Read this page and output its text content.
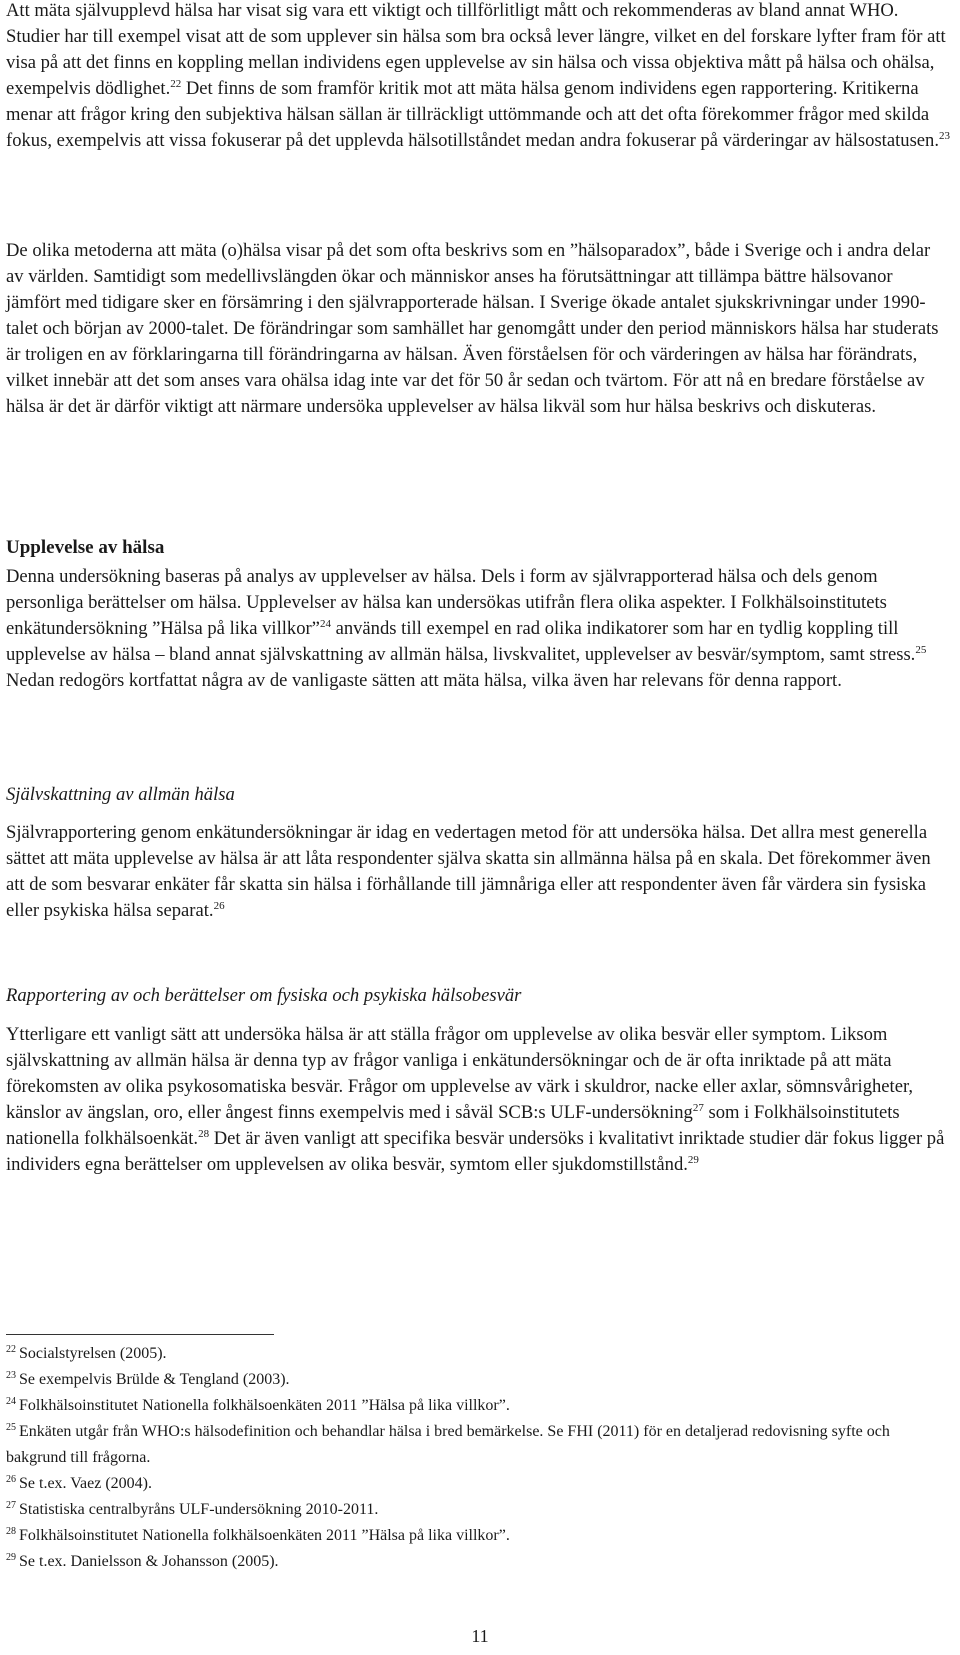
Att mäta självupplevd hälsa har visat sig vara ett viktigt och tillförlitligt mått och rekommenderas av bland annat WHO. Studier har till exempel visat att de som upplever sin hälsa som bra också lever längre, vilket en del forskare lyfter fram för att visa på att det finns en koppling mellan individens egen upplevelse av sin hälsa och vissa objektiva mått på hälsa och ohälsa, exempelvis dödlighet.$^{22}$ Det finns de som framför kritik mot att mäta hälsa genom individens egen rapportering. Kritikerna menar att frågor kring den subjektiva hälsan sällan är tillräckligt uttömmande och att det ofta förekommer frågor med skilda fokus, exempelvis att vissa fokuserar på det upplevda hälsotillståndet medan andra fokuserar på värderingar av hälsostatusen.$^{23}$

De olika metoderna att mäta (o)hälsa visar på det som ofta beskrivs som en ”hälsoparadox”, både i Sverige och i andra delar av världen. Samtidigt som medellivslängden ökar och människor anses ha förutsättningar att tillämpa bättre hälsovanor jämfört med tidigare sker en försämring i den självrapporterade hälsan. I Sverige ökade antalet sjukskrivningar under 1990-talet och början av 2000-talet. De förändringar som samhället har genomgått under den period människors hälsa har studerats är troligen en av förklaringarna till förändringarna av hälsan. Även förståelsen för och värderingen av hälsa har förändrats, vilket innebär att det som anses vara ohälsa idag inte var det för 50 år sedan och tvärtom. För att nå en bredare förståelse av hälsa är det är därför viktigt att närmare undersöka upplevelser av hälsa likväl som hur hälsa beskrivs och diskuteras.

Upplevelse av hälsa

Denna undersökning baseras på analys av upplevelser av hälsa. Dels i form av självrapporterad hälsa och dels genom personliga berättelser om hälsa. Upplevelser av hälsa kan undersökas utifrån flera olika aspekter. I Folkhälsoinstitutets enkätundersökning ”Hälsa på lika villkor”$^{24}$ används till exempel en rad olika indikatorer som har en tydlig koppling till upplevelse av hälsa – bland annat självskattning av allmän hälsa, livskvalitet, upplevelser av besvär/symptom, samt stress.$^{25}$ Nedan redogörs kortfattat några av de vanligaste sätten att mäta hälsa, vilka även har relevans för denna rapport.

Självskattning av allmän hälsa

Självrapportering genom enkätundersökningar är idag en vedertagen metod för att undersöka hälsa. Det allra mest generella sättet att mäta upplevelse av hälsa är att låta respondenter själva skatta sin allmänna hälsa på en skala. Det förekommer även att de som besvarar enkäter får skatta sin hälsa i förhållande till jämnåriga eller att respondenter även får värdera sin fysiska eller psykiska hälsa separat.$^{26}$

Rapportering av och berättelser om fysiska och psykiska hälsobesvär

Ytterligare ett vanligt sätt att undersöka hälsa är att ställa frågor om upplevelse av olika besvär eller symptom. Liksom självskattning av allmän hälsa är denna typ av frågor vanliga i enkätundersökningar och de är ofta inriktade på att mäta förekomsten av olika psykosomatiska besvär. Frågor om upplevelse av värk i skuldror, nacke eller axlar, sömnsvårigheter, känslor av ängslan, oro, eller ångest finns exempelvis med i såväl SCB:s ULF-undersökning$^{27}$ som i Folkhälsoinstitutets nationella folkhälsoenkät.$^{28}$ Det är även vanligt att specifika besvär undersöks i kvalitativt inriktade studier där fokus ligger på individers egna berättelser om upplevelsen av olika besvär, symtom eller sjukdomstillstånd.$^{29}$

$^{22}$ Socialstyrelsen (2005).
$^{23}$ Se exempelvis Brülde & Tengland (2003).
$^{24}$ Folkhälsoinstitutet Nationella folkhälsoenkäten 2011 ”Hälsa på lika villkor”.
$^{25}$ Enkäten utgår från WHO:s hälsodefinition och behandlar hälsa i bred bemärkelse. Se FHI (2011) för en detaljerad redovisning syfte och bakgrund till frågorna.
$^{26}$ Se t.ex. Vaez (2004).
$^{27}$ Statistiska centralbyråns ULF-undersökning 2010-2011.
$^{28}$ Folkhälsoinstitutet Nationella folkhälsoenkäten 2011 ”Hälsa på lika villkor”.
$^{29}$ Se t.ex. Danielsson & Johansson (2005).
11
